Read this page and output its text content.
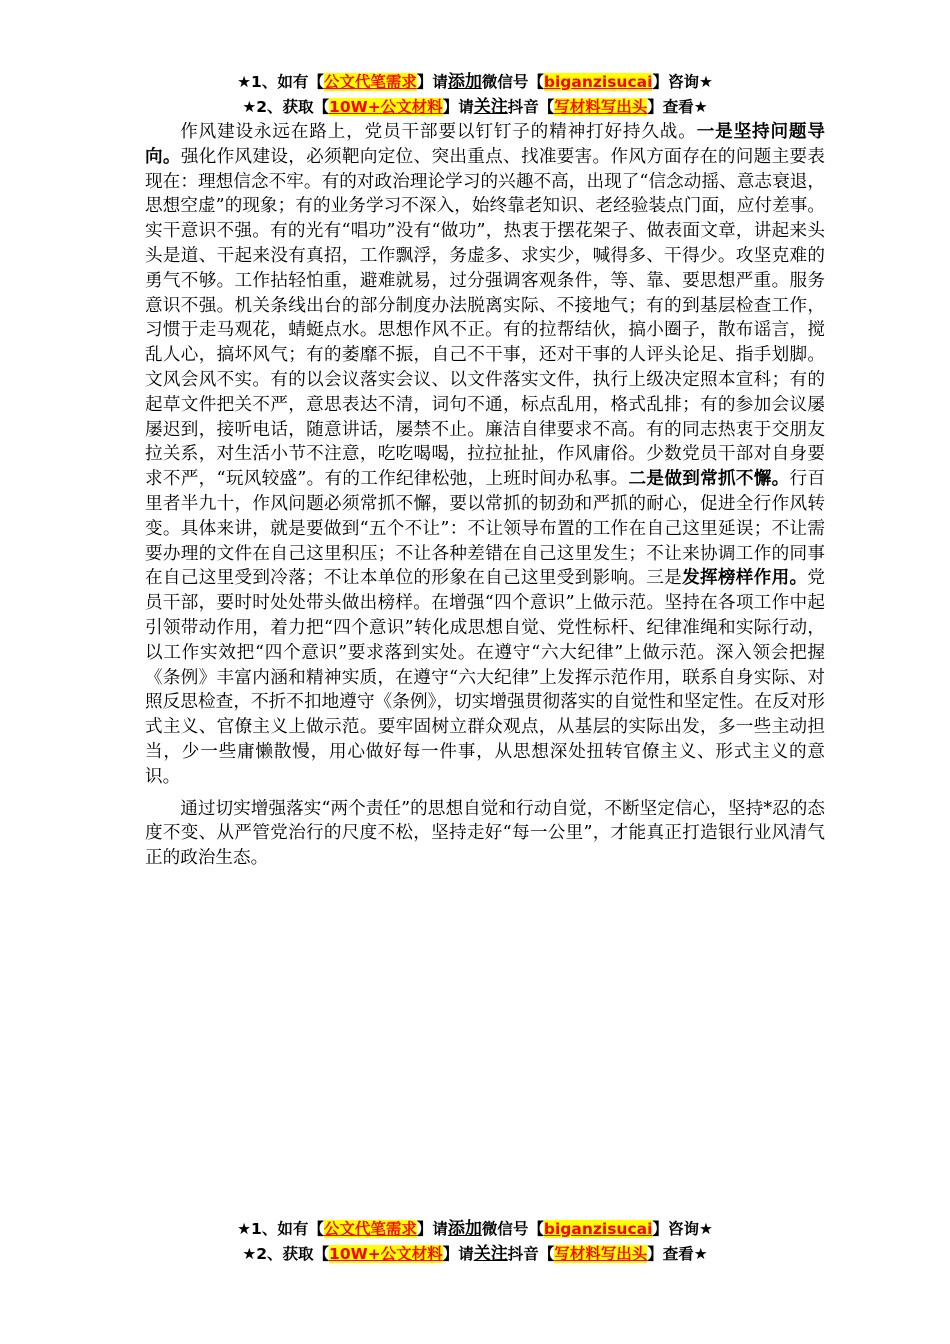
★1、如有【公文代笔需求】请添加微信号【biganzisucai】咨询★
★2、获取【10W+公文材料】请关注抖音【写材料写出头】查看★

作风建设永远在路上，党员干部要以钉钉子的精神打好持久战。一是坚持问题导向。强化作风建设，必须靶向定位、突出重点、找准要害。作风方面存在的问题主要表现在：理想信念不牢。有的对政治理论学习的兴趣不高，出现了“信念动摇、意志衰退，思想空虚”的现象；有的业务学习不深入，始终靠老知识、老经验装点门面，应付差事。实干意识不强。有的光有“唱功”没有“做功”，热衷于摆花架子、做表面文章，讲起来头头是道、干起来没有真招，工作飘浮，务虚多、求实少，喊得多、干得少。攻坚克难的勇气不够。工作拈轻怕重，避难就易，过分强调客观条件，等、靠、要思想严重。服务意识不强。机关条线出台的部分制度办法脱离实际、不接地气；有的到基层检查工作，习惯于走马观花，蜻蜓点水。思想作风不正。有的拉帮结伙，搞小圈子，散布谣言，搅乱人心，搞坏风气；有的萎靡不振，自己不干事，还对干事的人评头论足、指手划脚。文风会风不实。有的以会议落实会议、以文件落实文件，执行上级决定照本宣科；有的起草文件把关不严，意思表达不清，词句不通，标点乱用，格式乱排；有的参加会议屡屡迟到，接听电话，随意讲话，屡禁不止。廉洁自律要求不高。有的同志热衷于交朋友拉关系，对生活小节不注意，吃吃喝喝，拉拉扯扯，作风庸俗。少数党员干部对自身要求不严，“玩风较盛”。有的工作纪律松弛，上班时间办私事。二是做到常抓不懈。行百里者半九十，作风问题必须常抓不懈，要以常抓的韧劲和严抓的耐心，促进全行作风转变。具体来讲，就是要做到“五个不让”：不让领导布置的工作在自己这里延误；不让需要办理的文件在自己这里积压；不让各种差错在自己这里发生；不让来协调工作的同事在自己这里受到冷落；不让本单位的形象在自己这里受到影响。三是发挥榜样作用。党员干部，要时时处处带头做出榜样。在增强“四个意识”上做示范。坚持在各项工作中起引领带动作用，着力把“四个意识”转化成思想自觉、党性标杆、纪律准绳和实际行动，以工作实效把“四个意识”要求落到实处。在遵守“六大纪律”上做示范。深入领会把握《条例》丰富内涵和精神实质，在遵守“六大纪律”上发挥示范作用，联系自身实际、对照反思检查，不折不扣地遵守《条例》，切实增强贯彻落实的自觉性和坚定性。在反对形式主义、官僚主义上做示范。要牢固树立群众观点，从基层的实际出发，多一些主动担当，少一些庸懒散慢，用心做好每一件事，从思想深处扭转官僚主义、形式主义的意识。

通过切实增强落实“两个责任”的思想自觉和行动自觉，不断坚定信心，坚持*忍的态度不变、从严管党治行的尺度不松，坚持走好“每一公里”，才能真正打造银行业风清气正的政治生态。

★1、如有【公文代笔需求】请添加微信号【biganzisucai】咨询★
★2、获取【10W+公文材料】请关注抖音【写材料写出头】查看★
